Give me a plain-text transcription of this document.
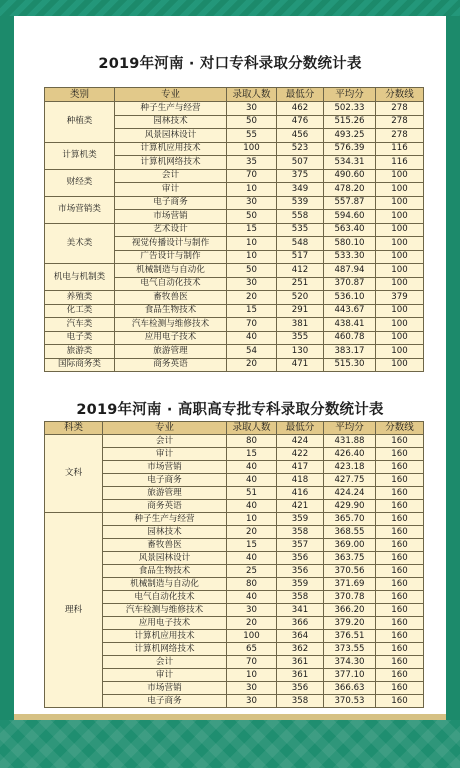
2019年河南 · 对口专科录取分数统计表
类别	专业	录取人数	最低分	平均分	分数线
种植类	种子生产与经营	30	462	502.33	278
	园林技术	50	476	515.26	278
	风景园林设计	55	456	493.25	278
计算机类	计算机应用技术	100	523	576.39	116
	计算机网络技术	35	507	534.31	116
财经类	会计	70	375	490.60	100
	审计	10	349	478.20	100
市场营销类	电子商务	30	539	557.87	100
	市场营销	50	558	594.60	100
美术类	艺术设计	15	535	563.40	100
	视觉传播设计与制作	10	548	580.10	100
	广告设计与制作	10	517	533.30	100
机电与机制类	机械制造与自动化	50	412	487.94	100
	电气自动化技术	30	251	370.87	100
养殖类	畜牧兽医	20	520	536.10	379
化工类	食品生物技术	15	291	443.67	100
汽车类	汽车检测与维修技术	70	381	438.41	100
电子类	应用电子技术	40	355	460.78	100
旅游类	旅游管理	54	130	383.17	100
国际商务类	商务英语	20	471	515.30	100
2019年河南 · 高职高专批专科录取分数统计表
科类	专业	录取人数	最低分	平均分	分数线
文科	会计	80	424	431.88	160
	审计	15	422	426.40	160
	市场营销	40	417	423.18	160
	电子商务	40	418	427.75	160
	旅游管理	51	416	424.24	160
	商务英语	40	421	429.90	160
理科	种子生产与经营	10	359	365.70	160
	园林技术	20	358	368.55	160
	畜牧兽医	15	357	369.00	160
	风景园林设计	40	356	363.75	160
	食品生物技术	25	356	370.56	160
	机械制造与自动化	80	359	371.69	160
	电气自动化技术	40	358	370.78	160
	汽车检测与维修技术	30	341	366.20	160
	应用电子技术	20	366	379.20	160
	计算机应用技术	100	364	376.51	160
	计算机网络技术	65	362	373.55	160
	会计	70	361	374.30	160
	审计	10	361	377.10	160
	市场营销	30	356	366.63	160
	电子商务	30	358	370.53	160
